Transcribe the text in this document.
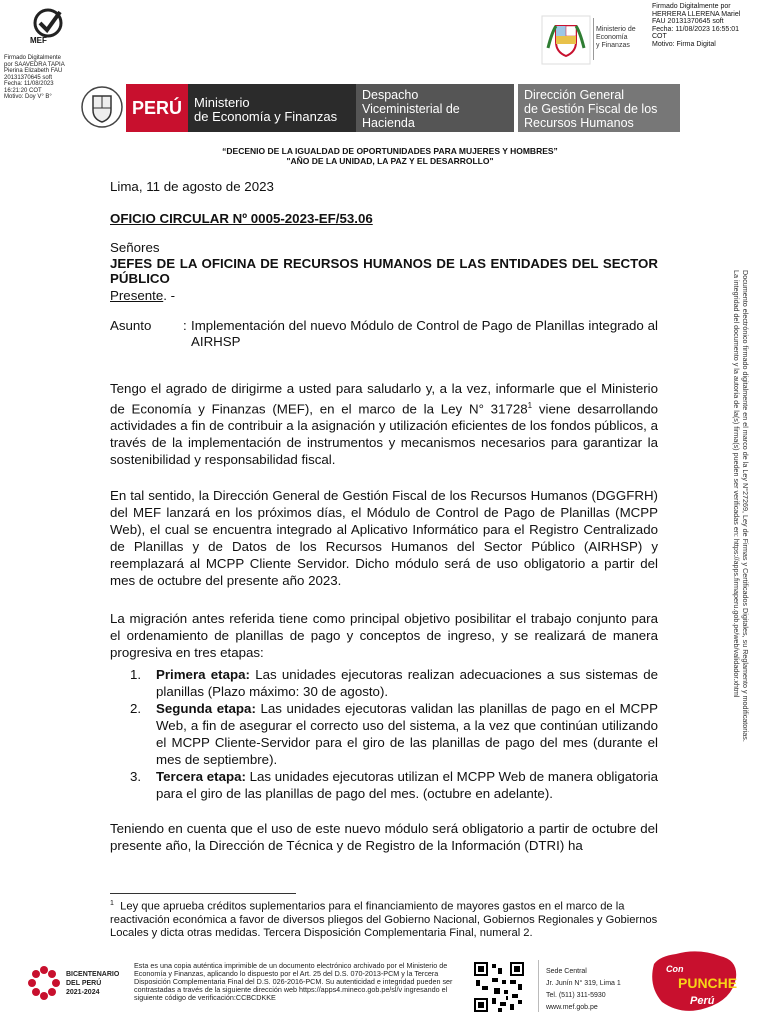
MEF
Firmado Digitalmente
por SAAVEDRA TAPIA
Pierina Elizabeth FAU
20131370645 soft
Fecha: 11/08/2023
16:21:20 COT
Motivo: Doy V° B°
Ministerio de
Economía
y Finanzas
Firmado Digitalmente por
HERRERA LLERENA Mariel
FAU 20131370645 soft
Fecha: 11/08/2023 16:55:01
COT
Motivo: Firma Digital
PERÚ Ministerio
de Economía y Finanzas
Despacho
Viceministerial de
Hacienda
Dirección General
de Gestión Fiscal de los
Recursos Humanos
“DECENIO DE LA IGUALDAD DE OPORTUNIDADES PARA MUJERES Y HOMBRES”
"AÑO DE LA UNIDAD, LA PAZ Y EL DESARROLLO"
Lima, 11 de agosto de 2023
OFICIO CIRCULAR Nº 0005-2023-EF/53.06
Señores
JEFES DE LA OFICINA DE RECURSOS HUMANOS DE LAS ENTIDADES DEL SECTOR PÚBLICO
Presente. -
Asunto : Implementación del nuevo Módulo de Control de Pago de Planillas integrado al AIRHSP
Tengo el agrado de dirigirme a usted para saludarlo y, a la vez, informarle que el Ministerio de Economía y Finanzas (MEF), en el marco de la Ley N° 31728$^1$ viene desarrollando actividades a fin de contribuir a la asignación y utilización eficientes de los fondos públicos, a través de la implementación de instrumentos y mecanismos necesarios para garantizar la sostenibilidad y responsabilidad fiscal.
En tal sentido, la Dirección General de Gestión Fiscal de los Recursos Humanos (DGGFRH) del MEF lanzará en los próximos días, el Módulo de Control de Pago de Planillas (MCPP Web), el cual se encuentra integrado al Aplicativo Informático para el Registro Centralizado de Planillas y de Datos de los Recursos Humanos del Sector Público (AIRHSP) y reemplazará al MCPP Cliente Servidor. Dicho módulo será de uso obligatorio a partir del mes de octubre del presente año 2023.
La migración antes referida tiene como principal objetivo posibilitar el trabajo conjunto para el ordenamiento de planillas de pago y conceptos de ingreso, y se realizará de manera progresiva en tres etapas:
1.	Primera etapa: Las unidades ejecutoras realizan adecuaciones a sus sistemas de planillas (Plazo máximo: 30 de agosto).
2.	Segunda etapa: Las unidades ejecutoras validan las planillas de pago en el MCPP Web, a fin de asegurar el correcto uso del sistema, a la vez que continúan utilizando el MCPP Cliente-Servidor para el giro de las planillas de pago del mes (durante el mes de septiembre).
3.	Tercera etapa: Las unidades ejecutoras utilizan el MCPP Web de manera obligatoria para el giro de las planillas de pago del mes. (octubre en adelante).
Teniendo en cuenta que el uso de este nuevo módulo será obligatorio a partir de octubre del presente año, la Dirección de Técnica y de Registro de la Información (DTRI) ha
$^1$ Ley que aprueba créditos suplementarios para el financiamiento de mayores gastos en el marco de la reactivación económica a favor de diversos pliegos del Gobierno Nacional, Gobiernos Regionales y Gobiernos Locales y dicta otras medidas. Tercera Disposición Complementaria Final, numeral 2.
Documento electrónico firmado digitalmente en el marco de la Ley N°27269, Ley de Firmas y Certificados Digitales, su Reglamento y modificatorias. La integridad del documento y la autoría de la(s) firma(s) pueden ser verificadas en: https://apps.firmaperu.gob.pe/web/validador.xhtml
BICENTENARIO
DEL PERÚ
2021-2024
Esta es una copia auténtica imprimible de un documento electrónico archivado por el Ministerio de Economía y Finanzas, aplicando lo dispuesto por el Art. 25 del D.S. 070-2013-PCM y la Tercera Disposición Complementaria Final del D.S. 026-2016-PCM. Su autenticidad e integridad pueden ser contrastadas a través de la siguiente dirección web https://apps4.mineco.gob.pe/sl/v ingresando el siguiente código de verificación:CCBCDKKE
Sede Central
Jr. Junín N° 319, Lima 1
Tel. (511) 311-5930
www.mef.gob.pe
Con
PUNCHE
Perú
